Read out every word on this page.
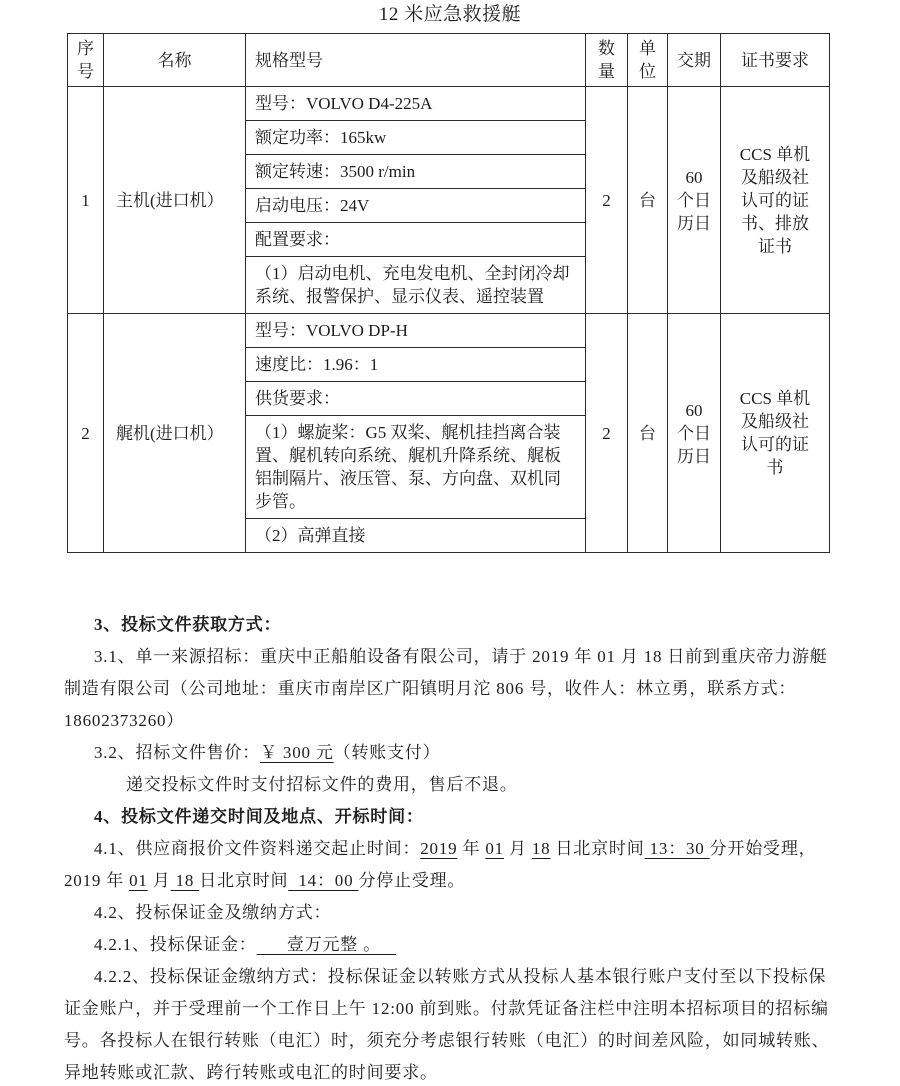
12 米应急救援艇
序号	名称	规格型号	数量	单位	交期	证书要求
1	主机(进口机）	
型号：VOLVO D4-225A
额定功率：165kw
额定转速：3500 r/min
启动电压：24V
配置要求：
（1）启动电机、充电发电机、全封闭冷却系统、报警保护、显示仪表、遥控装置
	2	台	60 个日历日	CCS 单机及船级社认可的证书、排放证书
2	艉机(进口机）	型号：VOLVO DP-H
速度比：1.96：1
供货要求：
（1）螺旋桨：G5 双桨、艉机挂挡离合装置、艉机转向系统、艉机升降系统、艉板铝制隔片、液压管、泵、方向盘、双机同步管。
（2）高弹直接	2	台	60 个日历日	CCS 单机及船级社认可的证书

3、投标文件获取方式：

3.1、单一来源招标：重庆中正船舶设备有限公司，请于 2019 年 01 月 18 日前到重庆帝力游艇制造有限公司（公司地址：重庆市南岸区广阳镇明月沱 806 号，收件人：林立勇，联系方式：18602373260）

3.2、招标文件售价：￥ 300 元（转账支付）

递交投标文件时支付招标文件的费用，售后不退。

4、投标文件递交时间及地点、开标时间：

4.1、供应商报价文件资料递交起止时间：2019 年 01 月 18 日北京时间 13：30 分开始受理，2019 年 01 月 18 日北京时间  14：00 分停止受理。

4.2、投标保证金及缴纳方式：

4.2.1、投标保证金：      壹万元整 。

4.2.2、投标保证金缴纳方式：投标保证金以转账方式从投标人基本银行账户支付至以下投标保证金账户，并于受理前一个工作日上午 12:00 前到账。付款凭证备注栏中注明本招标项目的招标编号。各投标人在银行转账（电汇）时，须充分考虑银行转账（电汇）的时间差风险，如同城转账、异地转账或汇款、跨行转账或电汇的时间要求。
